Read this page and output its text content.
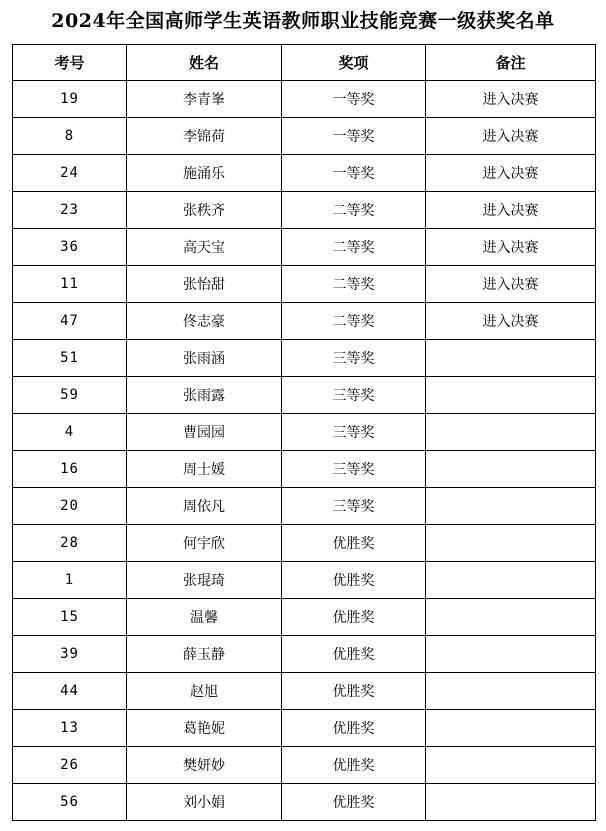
2024年全国高师学生英语教师职业技能竞赛一级获奖名单
考号	姓名	奖项	备注
19	李青峯	一等奖	进入决赛
8	李锦荷	一等奖	进入决赛
24	施涌乐	一等奖	进入决赛
23	张秩齐	二等奖	进入决赛
36	高天宝	二等奖	进入决赛
11	张怡甜	二等奖	进入决赛
47	佟志豪	二等奖	进入决赛
51	张雨涵	三等奖	
59	张雨露	三等奖	
4	曹园园	三等奖	
16	周士媛	三等奖	
20	周依凡	三等奖	
28	何宇欣	优胜奖	
1	张琨琦	优胜奖	
15	温馨	优胜奖	
39	薛玉静	优胜奖	
44	赵旭	优胜奖	
13	葛艳妮	优胜奖	
26	樊妍妙	优胜奖	
56	刘小娟	优胜奖	
